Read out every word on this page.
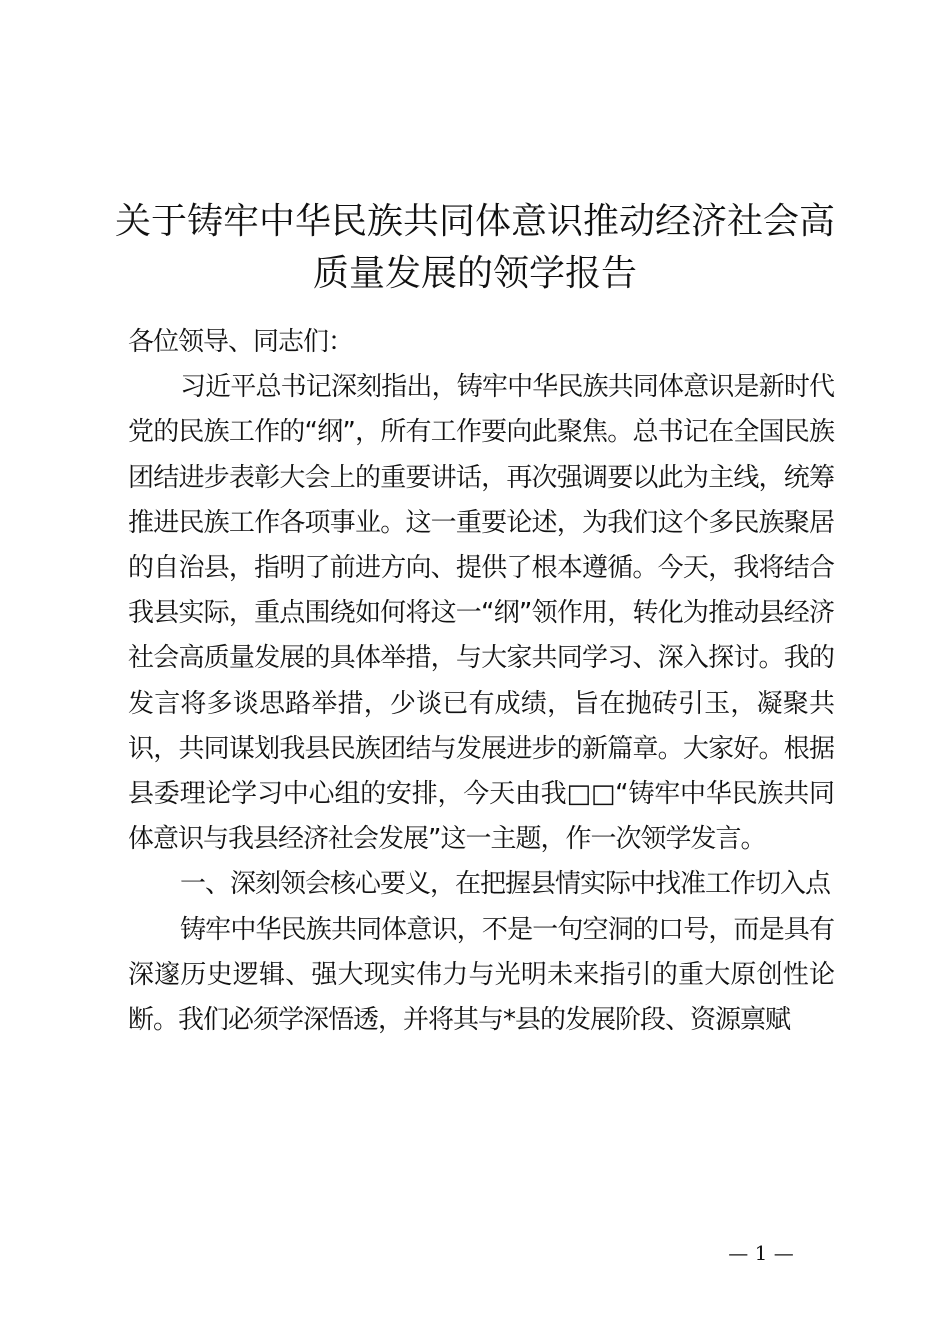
关于铸牢中华民族共同体意识推动经济社会高质量发展的领学报告

各位领导、同志们：

习近平总书记深刻指出，铸牢中华民族共同体意识是新时代党的民族工作的“纲”，所有工作要向此聚焦。总书记在全国民族团结进步表彰大会上的重要讲话，再次强调要以此为主线，统筹推进民族工作各项事业。这一重要论述，为我们这个多民族聚居的自治县，指明了前进方向、提供了根本遵循。今天，我将结合我县实际，重点围绕如何将这一“纲”领作用，转化为推动县经济社会高质量发展的具体举措，与大家共同学习、深入探讨。我的发言将多谈思路举措，少谈已有成绩，旨在抛砖引玉，凝聚共识，共同谋划我县民族团结与发展进步的新篇章。大家好。根据县委理论学习中心组的安排，今天由我□□“铸牢中华民族共同体意识与我县经济社会发展”这一主题，作一次领学发言。

一、深刻领会核心要义，在把握县情实际中找准工作切入点

铸牢中华民族共同体意识，不是一句空洞的口号，而是具有深邃历史逻辑、强大现实伟力与光明未来指引的重大原创性论断。我们必须学深悟透，并将其与*县的发展阶段、资源禀赋

— 1 —
